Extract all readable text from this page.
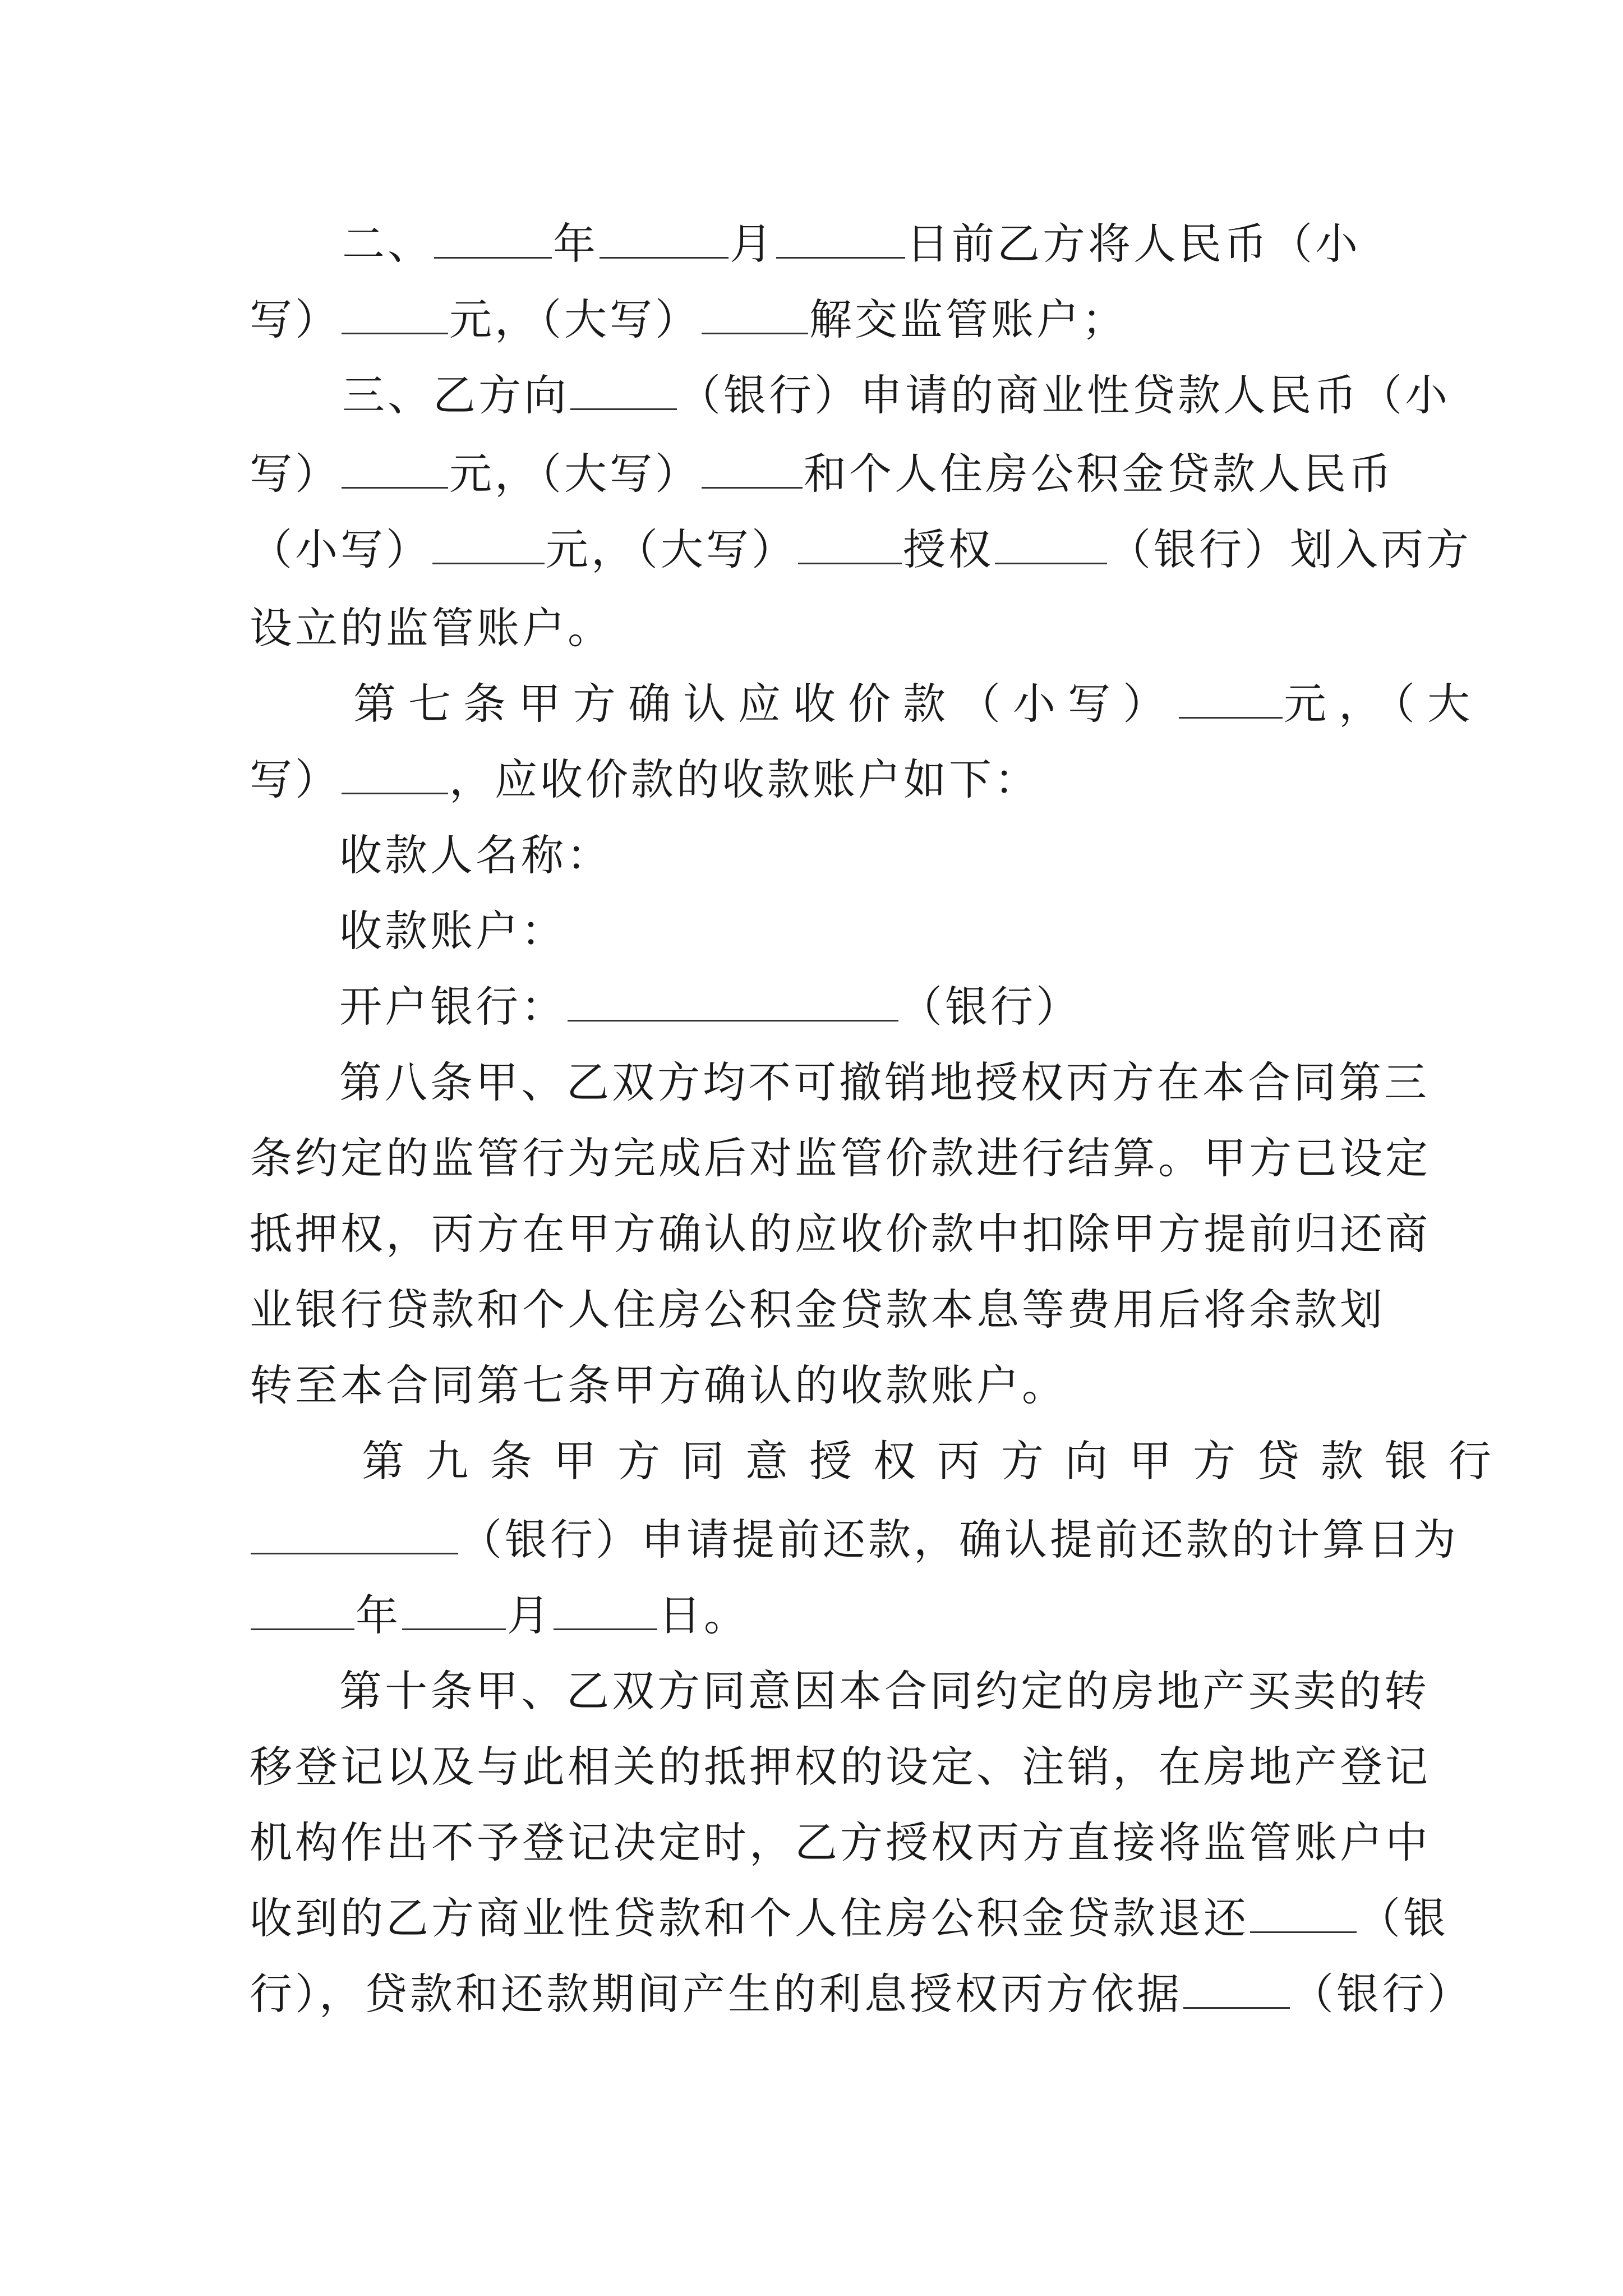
二、	年	月	日前乙方将人民币（小
写）	元，（大写）	解交监管账户；
三、乙方向	（银行）申请的商业性贷款人民币（小
写）	元，（大写） 和个人住房公积金贷款人民币
（小写）	元，（大写） 授权	（银行）划入丙方
设立的监管账户。
第七条甲方确认应收价款（小写） 元，（大
写）	，应收价款的收款账户如下：
收款人名称：
收款账户：
开户银行：	（银行）
第八条甲、乙双方均不可撤销地授权丙方在本合同第三
条约定的监管行为完成后对监管价款进行结算。甲方已设定
抵押权，丙方在甲方确认的应收价款中扣除甲方提前归还商
业银行贷款和个人住房公积金贷款本息等费用后将余款划
转至本合同第七条甲方确认的收款账户。
第九条甲方同意授权丙方向甲方贷款银行
（银行）申请提前还款，确认提前还款的计算日为
年 月 日。
第十条甲、乙双方同意因本合同约定的房地产买卖的转
移登记以及与此相关的抵押权的设定、注销，在房地产登记
机构作出不予登记决定时，乙方授权丙方直接将监管账户中
收到的乙方商业性贷款和个人住房公积金贷款退还	（银
行），贷款和还款期间产生的利息授权丙方依据	（银行）
